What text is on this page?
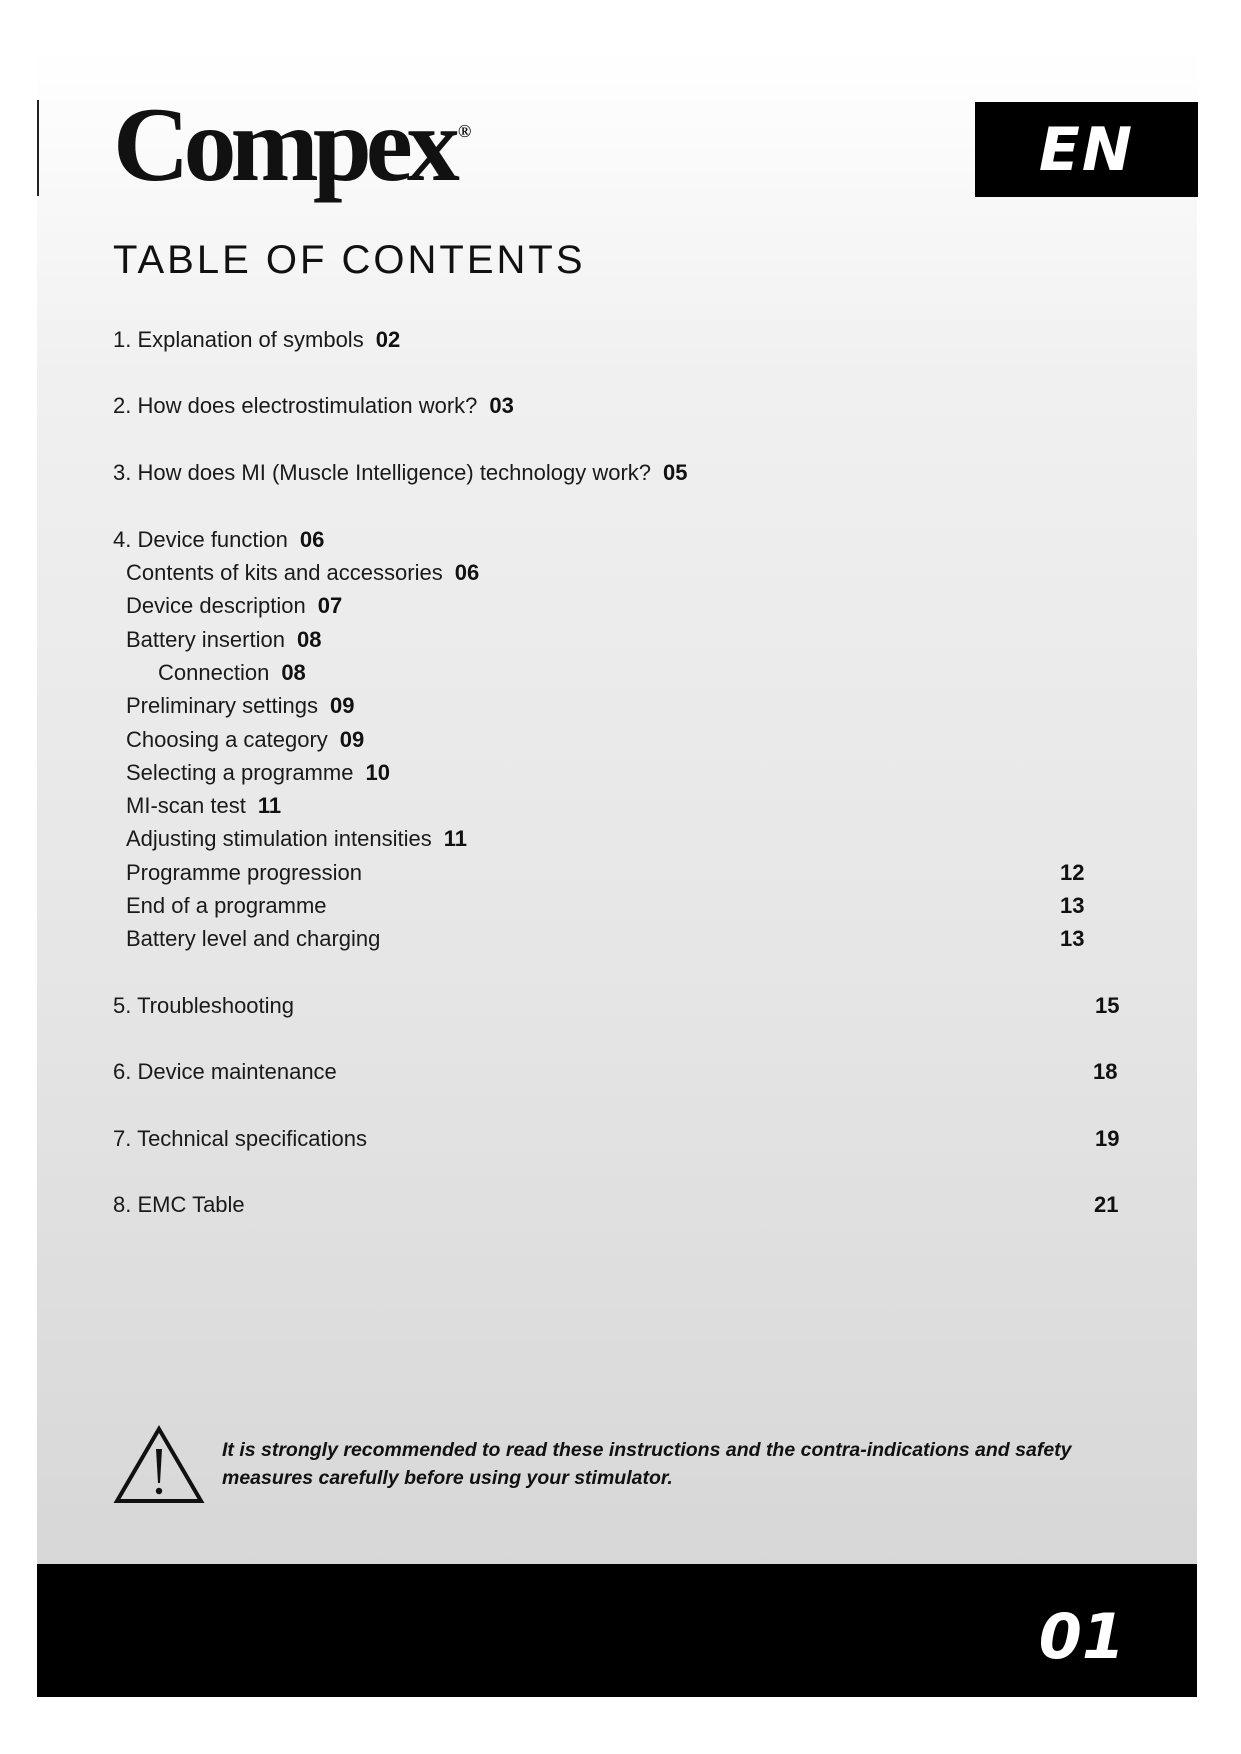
Compex ®	EN
TABLE OF CONTENTS
1. Explanation of symbols 02
2. How does electrostimulation work? 03
3. How does MI (Muscle Intelligence) technology work? 05
4. Device function 06
Contents of kits and accessories 06
Device description 07
Battery insertion 08
Connection 08
Preliminary settings 09
Choosing a category 09
Selecting a programme 10
MI-scan test 11
Adjusting stimulation intensities 11
Programme progression	12
End of a programme	13
Battery level and charging	13
5. Troubleshooting	15
6. Device maintenance	18
7. Technical specifications	19
8. EMC Table	21
It is strongly recommended to read these instructions and the contra-indications and safety measures carefully before using your stimulator.
01
